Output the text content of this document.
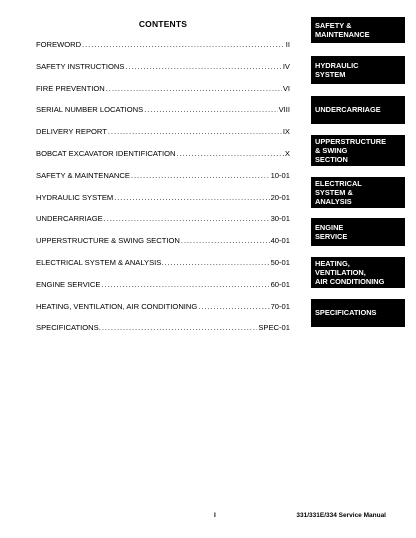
CONTENTS
FOREWORD . . .	II
SAFETY INSTRUCTIONS . . .	IV
FIRE PREVENTION . . .	VI
SERIAL NUMBER LOCATIONS . . .	VIII
DELIVERY REPORT . . .	IX
BOBCAT EXCAVATOR IDENTIFICATION . . .	X
SAFETY & MAINTENANCE . . .	10-01
HYDRAULIC SYSTEM . . .	20-01
UNDERCARRIAGE . . .	30-01
UPPERSTRUCTURE & SWING SECTION . . .	40-01
ELECTRICAL SYSTEM & ANALYSIS. . . .	50-01
ENGINE SERVICE . . .	60-01
HEATING, VENTILATION, AIR CONDITIONING . . .	70-01
SPECIFICATIONS. . . .	SPEC-01
SAFETY &
MAINTENANCE
HYDRAULIC
SYSTEM
UNDERCARRIAGE
UPPERSTRUCTURE
& SWING
SECTION
ELECTRICAL
SYSTEM &
ANALYSIS
ENGINE
SERVICE
HEATING,
VENTILATION,
AIR CONDITIONING
SPECIFICATIONS
I	331/331E/334 Service Manual
